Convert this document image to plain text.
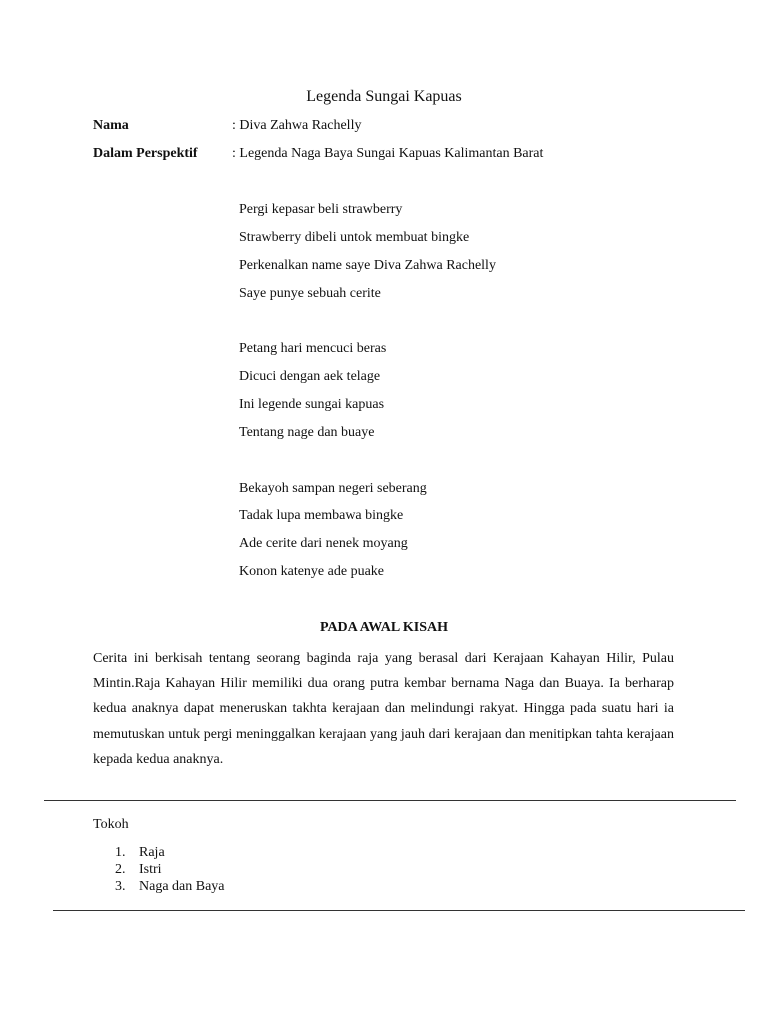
Legenda Sungai Kapuas
Nama	: Diva Zahwa Rachelly
Dalam Perspektif : Legenda Naga Baya Sungai Kapuas Kalimantan Barat
Pergi kepasar beli strawberry
Strawberry dibeli untok membuat bingke
Perkenalkan name saye Diva Zahwa Rachelly
Saye punye sebuah cerite
Petang hari mencuci beras
Dicuci dengan aek telage
Ini legende sungai kapuas
Tentang nage dan buaye
Bekayoh sampan negeri seberang
Tadak lupa membawa bingke
Ade cerite dari nenek moyang
Konon katenye ade puake
PADA AWAL KISAH

Cerita ini berkisah tentang seorang baginda raja yang berasal dari Kerajaan Kahayan Hilir, Pulau Mintin.Raja Kahayan Hilir memiliki dua orang putra kembar bernama Naga dan Buaya. Ia berharap kedua anaknya dapat meneruskan takhta kerajaan dan melindungi rakyat. Hingga pada suatu hari ia memutuskan untuk pergi meninggalkan kerajaan yang jauh dari kerajaan dan menitipkan tahta kerajaan kepada kedua anaknya.

Tokoh
1. Raja
2. Istri
3. Naga dan Baya
